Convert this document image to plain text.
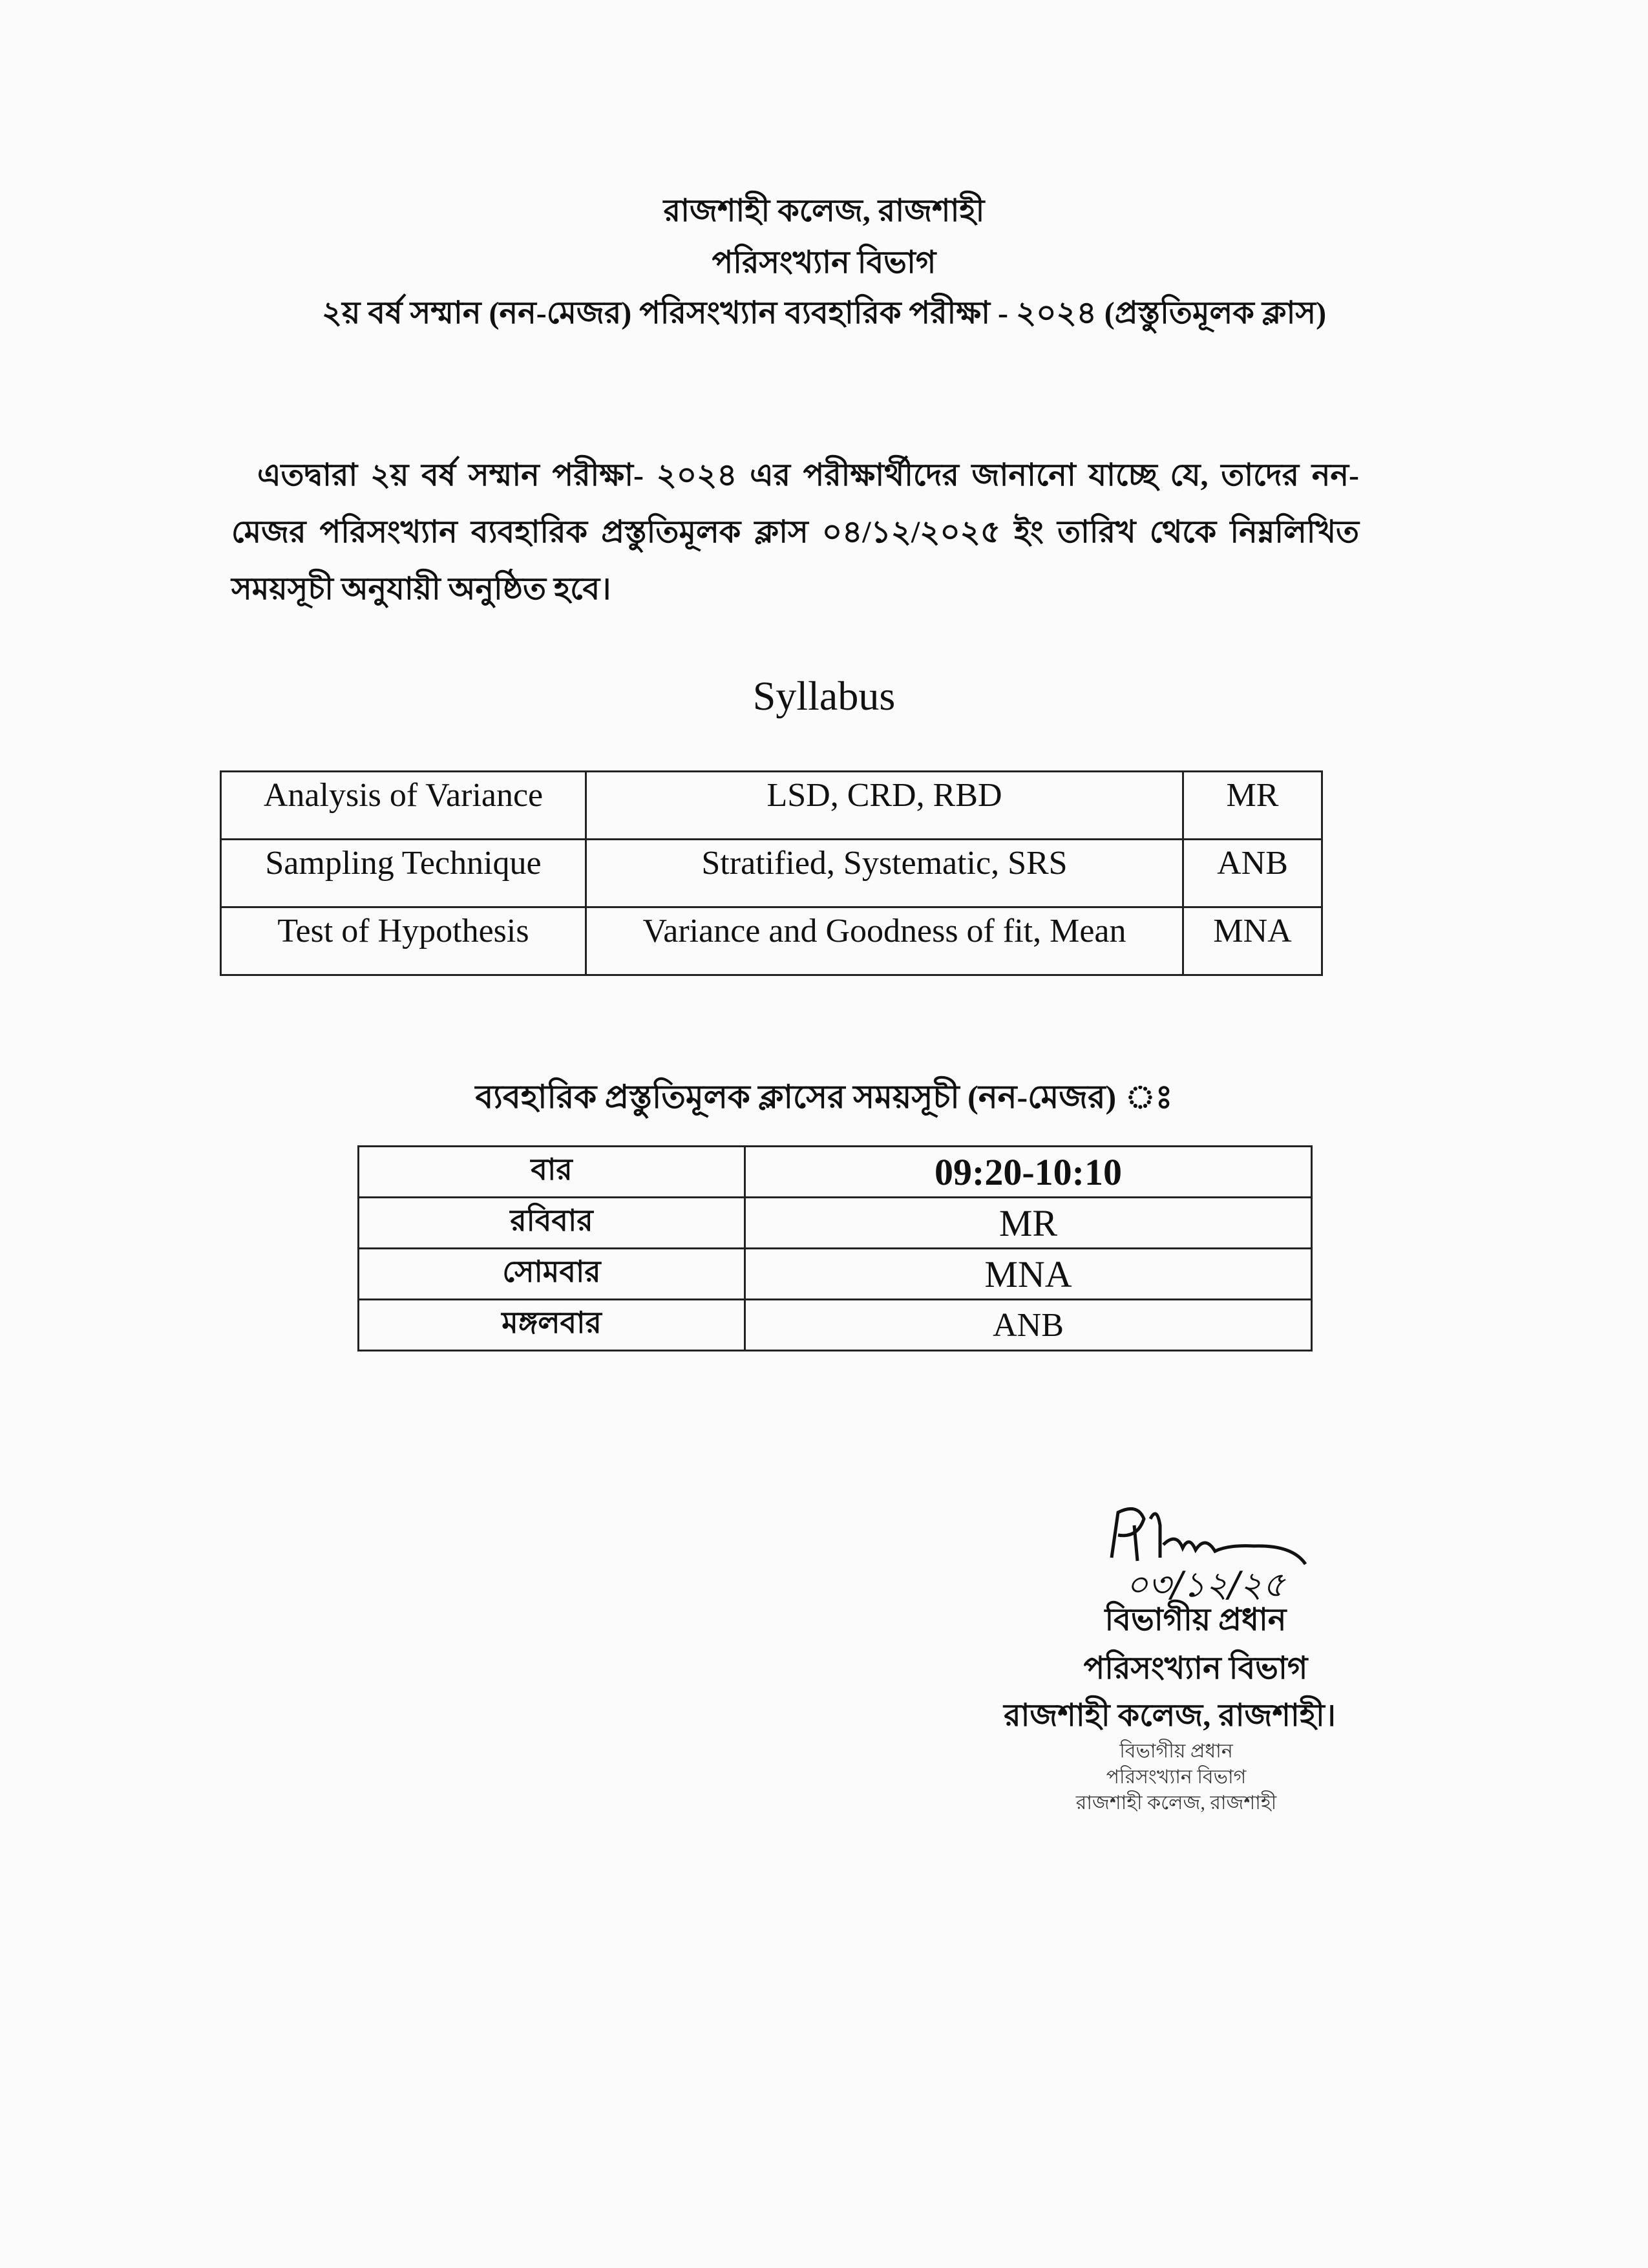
রাজশাহী কলেজ, রাজশাহী
পরিসংখ্যান বিভাগ
২য় বর্ষ সম্মান (নন-মেজর) পরিসংখ্যান ব্যবহারিক পরীক্ষা - ২০২৪ (প্রস্তুতিমূলক ক্লাস)
এতদ্বারা ২য় বর্ষ সম্মান পরীক্ষা- ২০২৪ এর পরীক্ষার্থীদের জানানো যাচ্ছে যে, তাদের নন-মেজর পরিসংখ্যান ব্যবহারিক প্রস্তুতিমূলক ক্লাস ০৪/১২/২০২৫ ইং তারিখ থেকে নিম্নলিখিত সময়সূচী অনুযায়ী অনুষ্ঠিত হবে।
Syllabus
Analysis of Variance	LSD, CRD, RBD	MR
Sampling Technique	Stratified, Systematic, SRS	ANB
Test of Hypothesis	Variance and Goodness of fit, Mean	MNA
ব্যবহারিক প্রস্তুতিমূলক ক্লাসের সময়সূচী (নন-মেজর) ঃ
বার	09:20-10:10
রবিবার	MR
সোমবার	MNA
মঙ্গলবার	ANB
০৩/১২/২৫
বিভাগীয় প্রধান
পরিসংখ্যান বিভাগ
রাজশাহী কলেজ, রাজশাহী।
বিভাগীয় প্রধান
পরিসংখ্যান বিভাগ
রাজশাহী কলেজ, রাজশাহী
